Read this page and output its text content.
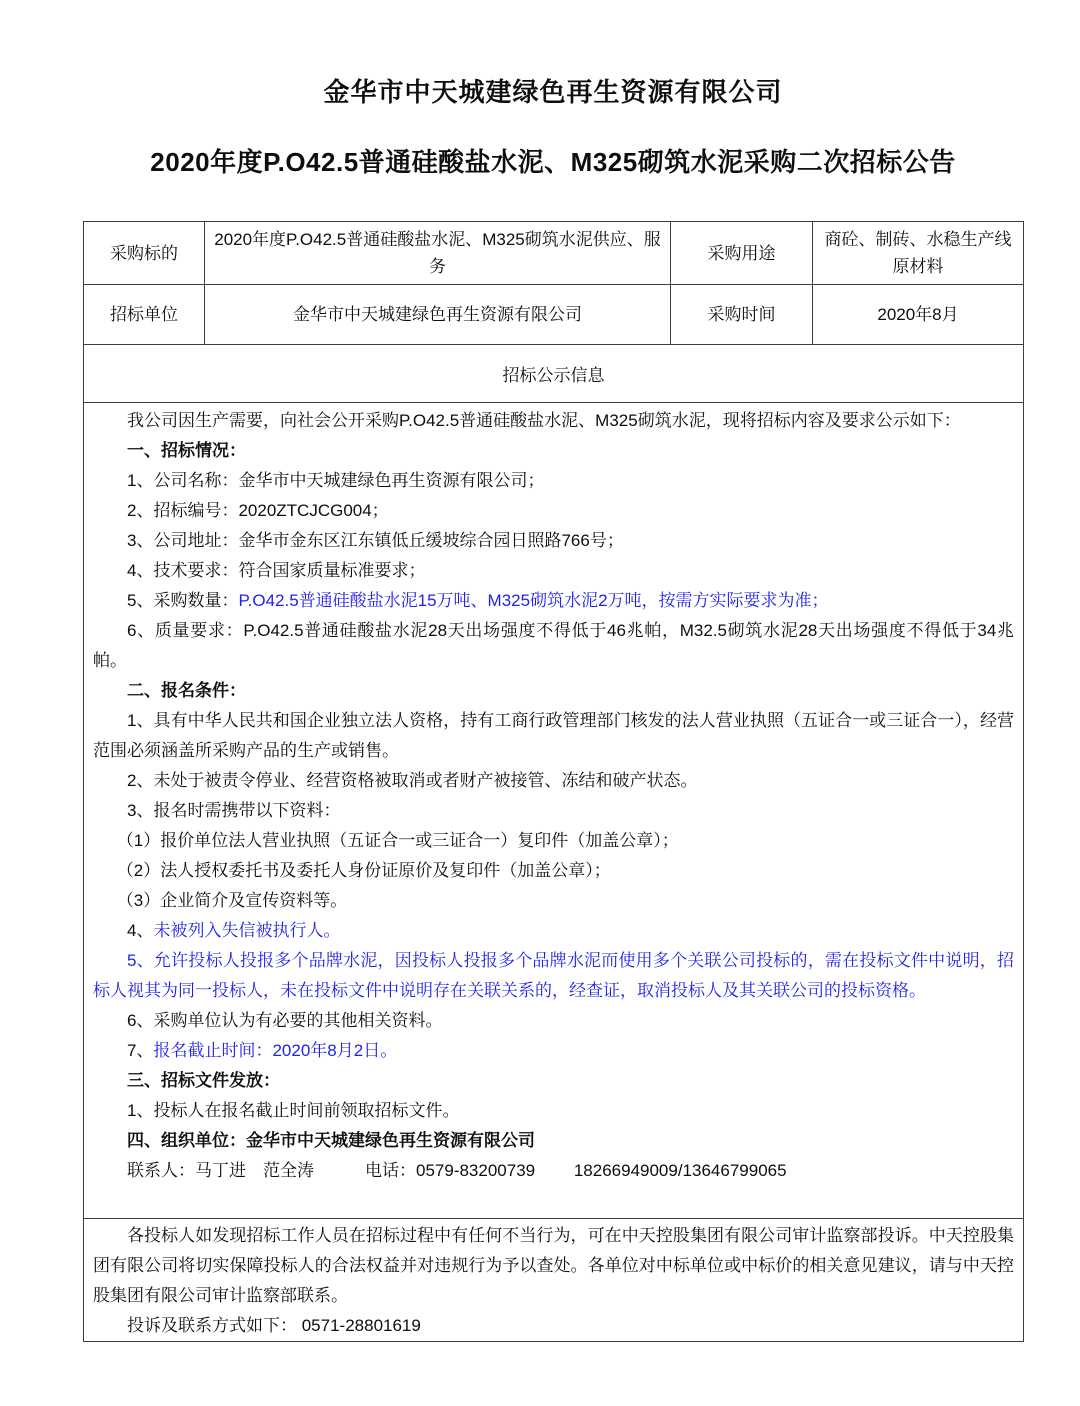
金华市中天城建绿色再生资源有限公司
2020年度P.O42.5普通硅酸盐水泥、M325砌筑水泥采购二次招标公告
采购标的	2020年度P.O42.5普通硅酸盐水泥、M325砌筑水泥供应、服务	采购用途	商砼、制砖、水稳生产线原材料
招标单位	金华市中天城建绿色再生资源有限公司	采购时间	2020年8月
招标公示信息			

我公司因生产需要，向社会公开采购P.O42.5普通硅酸盐水泥、M325砌筑水泥，现将招标内容及要求公示如下：

一、招标情况：

1、公司名称：金华市中天城建绿色再生资源有限公司；

2、招标编号：2020ZTCJCG004；

3、公司地址：金华市金东区江东镇低丘缓坡综合园日照路766号；

4、技术要求：符合国家质量标准要求；

5、采购数量：P.O42.5普通硅酸盐水泥15万吨、M325砌筑水泥2万吨，按需方实际要求为准；

6、质量要求：P.O42.5普通硅酸盐水泥28天出场强度不得低于46兆帕，M32.5砌筑水泥28天出场强度不得低于34兆帕。

二、报名条件：

1、具有中华人民共和国企业独立法人资格，持有工商行政管理部门核发的法人营业执照（五证合一或三证合一），经营范围必须涵盖所采购产品的生产或销售。

2、未处于被责令停业、经营资格被取消或者财产被接管、冻结和破产状态。

3、报名时需携带以下资料：

（1）报价单位法人营业执照（五证合一或三证合一）复印件（加盖公章）；

（2）法人授权委托书及委托人身份证原价及复印件（加盖公章）；

（3）企业简介及宣传资料等。

4、未被列入失信被执行人。

5、允许投标人投报多个品牌水泥，因投标人投报多个品牌水泥而使用多个关联公司投标的，需在投标文件中说明，招标人视其为同一投标人，未在投标文件中说明存在关联关系的，经查证，取消投标人及其关联公司的投标资格。

6、采购单位认为有必要的其他相关资料。

7、报名截止时间：2020年8月2日。

三、招标文件发放：

1、投标人在报名截止时间前领取招标文件。

四、组织单位：金华市中天城建绿色再生资源有限公司

联系人：马丁进　范全涛　　　电话：0579-83200739　　 18266949009/13646799065

各投标人如发现招标工作人员在招标过程中有任何不当行为，可在中天控股集团有限公司审计监察部投诉。中天控股集团有限公司将切实保障投标人的合法权益并对违规行为予以查处。各单位对中标单位或中标价的相关意见建议，请与中天控股集团有限公司审计监察部联系。

投诉及联系方式如下： 0571-28801619			
